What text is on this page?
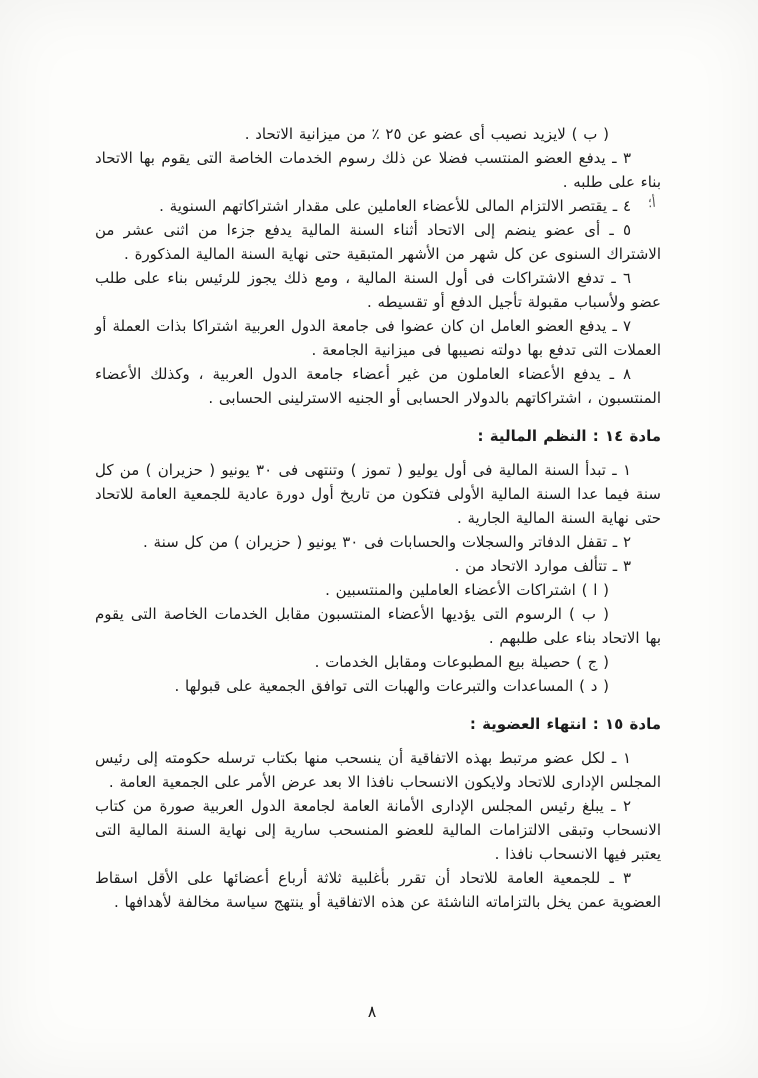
( ب ) لايزيد نصيب أى عضو عن ٢٥ ٪ من ميزانية الاتحاد .

٣ ـ يدفع العضو المنتسب فضلا عن ذلك رسوم الخدمات الخاصة التى يقوم بها الاتحاد بناء على طلبه .

٤ ـ يقتصر الالتزام المالى للأعضاء العاملين على مقدار اشتراكاتهم السنوية .

٥ ـ أى عضو ينضم إلى الاتحاد أثناء السنة المالية يدفع جزءا من اثنى عشر من الاشتراك السنوى عن كل شهر من الأشهر المتبقية حتى نهاية السنة المالية المذكورة .

٦ ـ تدفع الاشتراكات فى أول السنة المالية ، ومع ذلك يجوز للرئيس بناء على طلب عضو ولأسباب مقبولة تأجيل الدفع أو تقسيطه .

٧ ـ يدفع العضو العامل ان كان عضوا فى جامعة الدول العربية اشتراكا بذات العملة أو العملات التى تدفع بها دولته نصيبها فى ميزانية الجامعة .

٨ ـ يدفع الأعضاء العاملون من غير أعضاء جامعة الدول العربية ، وكذلك الأعضاء المنتسبون ، اشتراكاتهم بالدولار الحسابى أو الجنيه الاسترلينى الحسابى .

مادة ١٤ : النظم المالية :

١ ـ تبدأ السنة المالية فى أول يوليو ( تموز ) وتنتهى فى ٣٠ يونيو ( حزيران ) من كل سنة فيما عدا السنة المالية الأولى فتكون من تاريخ أول دورة عادية للجمعية العامة للاتحاد حتى نهاية السنة المالية الجارية .

٢ ـ تقفل الدفاتر والسجلات والحسابات فى ٣٠ يونيو ( حزيران ) من كل سنة .

٣ ـ تتألف موارد الاتحاد من .

( ا ) اشتراكات الأعضاء العاملين والمنتسبين .

( ب ) الرسوم التى يؤديها الأعضاء المنتسبون مقابل الخدمات الخاصة التى يقوم بها الاتحاد بناء على طلبهم .

( ج ) حصيلة بيع المطبوعات ومقابل الخدمات .

( د ) المساعدات والتبرعات والهبات التى توافق الجمعية على قبولها .

مادة ١٥ : انتهاء العضوية :

١ ـ لكل عضو مرتبط بهذه الاتفاقية أن ينسحب منها بكتاب ترسله حكومته إلى رئيس المجلس الإدارى للاتحاد ولايكون الانسحاب نافذا الا بعد عرض الأمر على الجمعية العامة .

٢ ـ يبلغ رئيس المجلس الإدارى الأمانة العامة لجامعة الدول العربية صورة من كتاب الانسحاب وتبقى الالتزامات المالية للعضو المنسحب سارية إلى نهاية السنة المالية التى يعتبر فيها الانسحاب نافذا .

٣ ـ للجمعية العامة للاتحاد أن تقرر بأغلبية ثلاثة أرباع أعضائها على الأقل اسقاط العضوية عمن يخل بالتزاماته الناشئة عن هذه الاتفاقية أو ينتهج سياسة مخالفة لأهدافها .

أ؛
٨
